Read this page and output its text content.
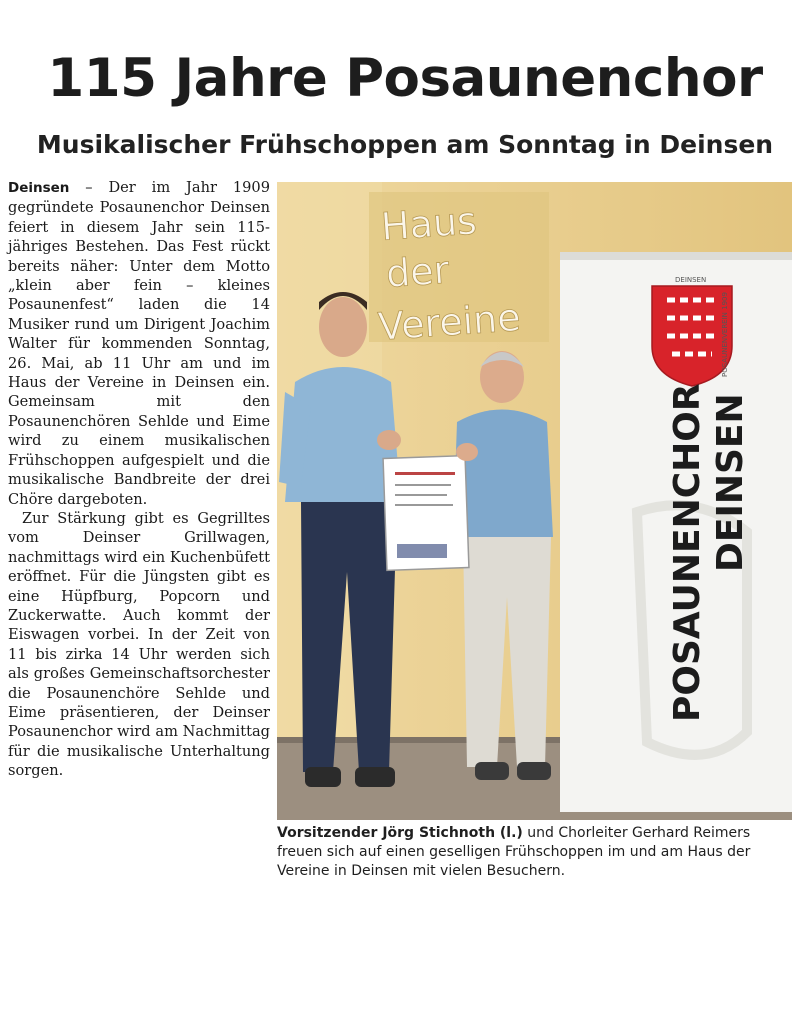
115 Jahre Posaunenchor
Musikalischer Frühschoppen am Sonntag in Deinsen

Deinsen – Der im Jahr 1909 gegründete Posaunenchor Deinsen feiert in diesem Jahr sein 115-jähriges Bestehen. Das Fest rückt bereits näher: Unter dem Motto „klein aber fein – kleines Posaunenfest“ laden die 14 Musiker rund um Dirigent Joachim Walter für kommenden Sonntag, 26. Mai, ab 11 Uhr am und im Haus der Vereine in Deinsen ein. Gemeinsam mit den Posaunenchören Sehlde und Eime wird zu einem musikalischen Frühschoppen aufgespielt und die musikalische Bandbreite der drei Chöre dargeboten.

Zur Stärkung gibt es Gegrilltes vom Deinser Grillwagen, nachmittags wird ein Kuchenbüfett eröffnet. Für die Jüngsten gibt es eine Hüpfburg, Popcorn und Zuckerwatte. Auch kommt der Eiswagen vorbei. In der Zeit von 11 bis zirka 14 Uhr werden sich als großes Gemeinschaftsorchester die Posaunenchöre Sehlde und Eime präsentieren, der Deinser Posaunenchor wird am Nachmittag für die musikalische Unterhaltung sorgen.

Haus
der
Vereine
DEINSEN
POSAUNENVEREIN 1909
POSAUNENCHOR DEINSEN
Vorsitzender Jörg Stichnoth (l.) und Chorleiter Gerhard Reimers freuen sich auf einen geselligen Frühschoppen im und am Haus der Vereine in Deinsen mit vielen Besuchern.
